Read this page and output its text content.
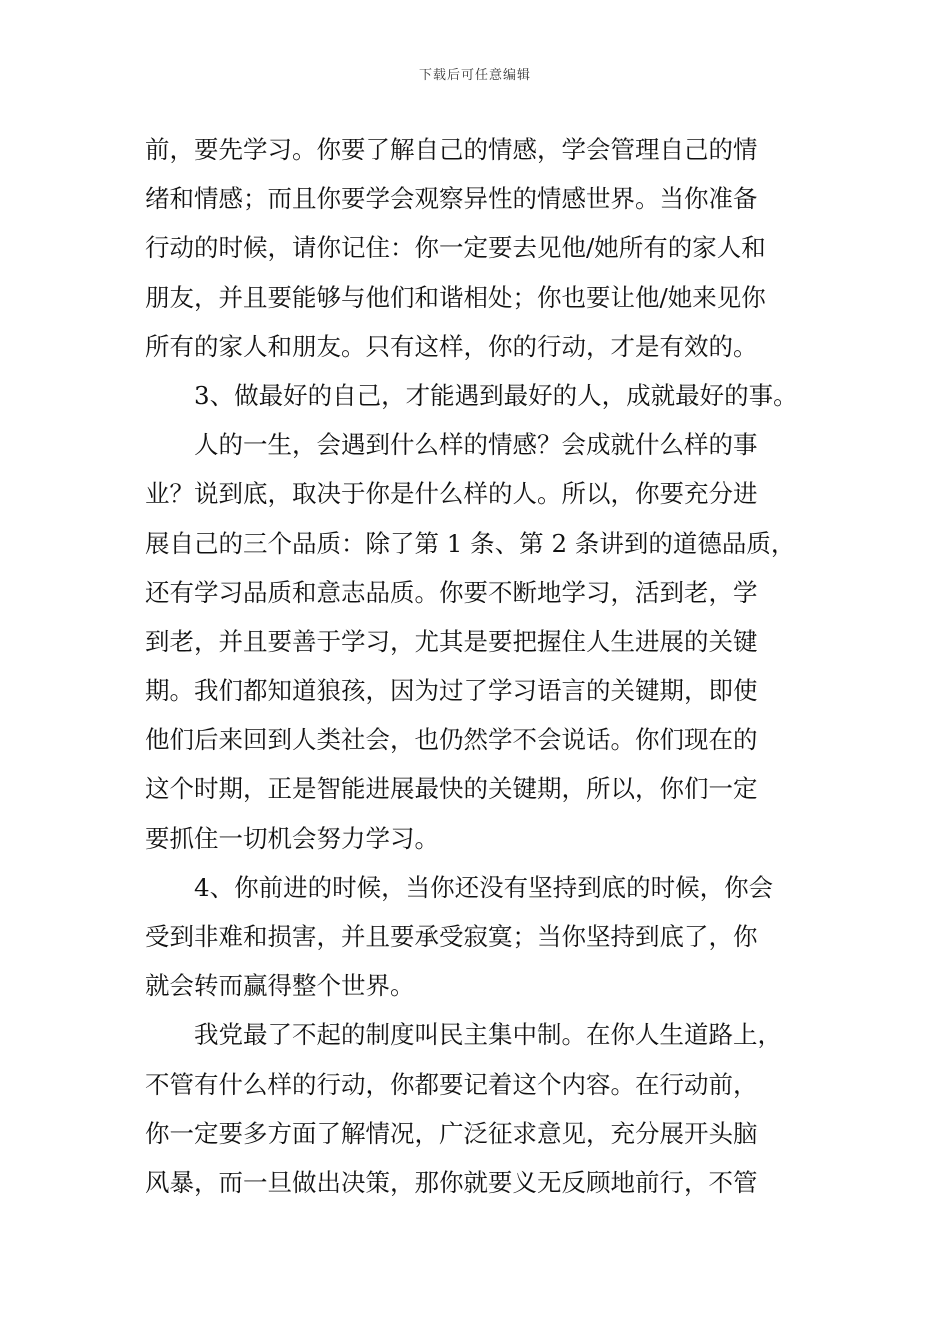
下载后可任意编辑
前，要先学习。你要了解自己的情感，学会管理自己的情
绪和情感；而且你要学会观察异性的情感世界。当你准备
行动的时候，请你记住：你一定要去见他/她所有的家人和
朋友，并且要能够与他们和谐相处；你也要让他/她来见你
所有的家人和朋友。只有这样，你的行动，才是有效的。
3、做最好的自己，才能遇到最好的人，成就最好的事。
人的一生，会遇到什么样的情感？会成就什么样的事
业？说到底，取决于你是什么样的人。所以，你要充分进
展自己的三个品质：除了第 1 条、第 2 条讲到的道德品质，
还有学习品质和意志品质。你要不断地学习，活到老，学
到老，并且要善于学习，尤其是要把握住人生进展的关键
期。我们都知道狼孩，因为过了学习语言的关键期，即使
他们后来回到人类社会，也仍然学不会说话。你们现在的
这个时期，正是智能进展最快的关键期，所以，你们一定
要抓住一切机会努力学习。
4、你前进的时候，当你还没有坚持到底的时候，你会
受到非难和损害，并且要承受寂寞；当你坚持到底了，你
就会转而赢得整个世界。
我党最了不起的制度叫民主集中制。在你人生道路上，
不管有什么样的行动，你都要记着这个内容。在行动前，
你一定要多方面了解情况，广泛征求意见，充分展开头脑
风暴，而一旦做出决策，那你就要义无反顾地前行，不管
